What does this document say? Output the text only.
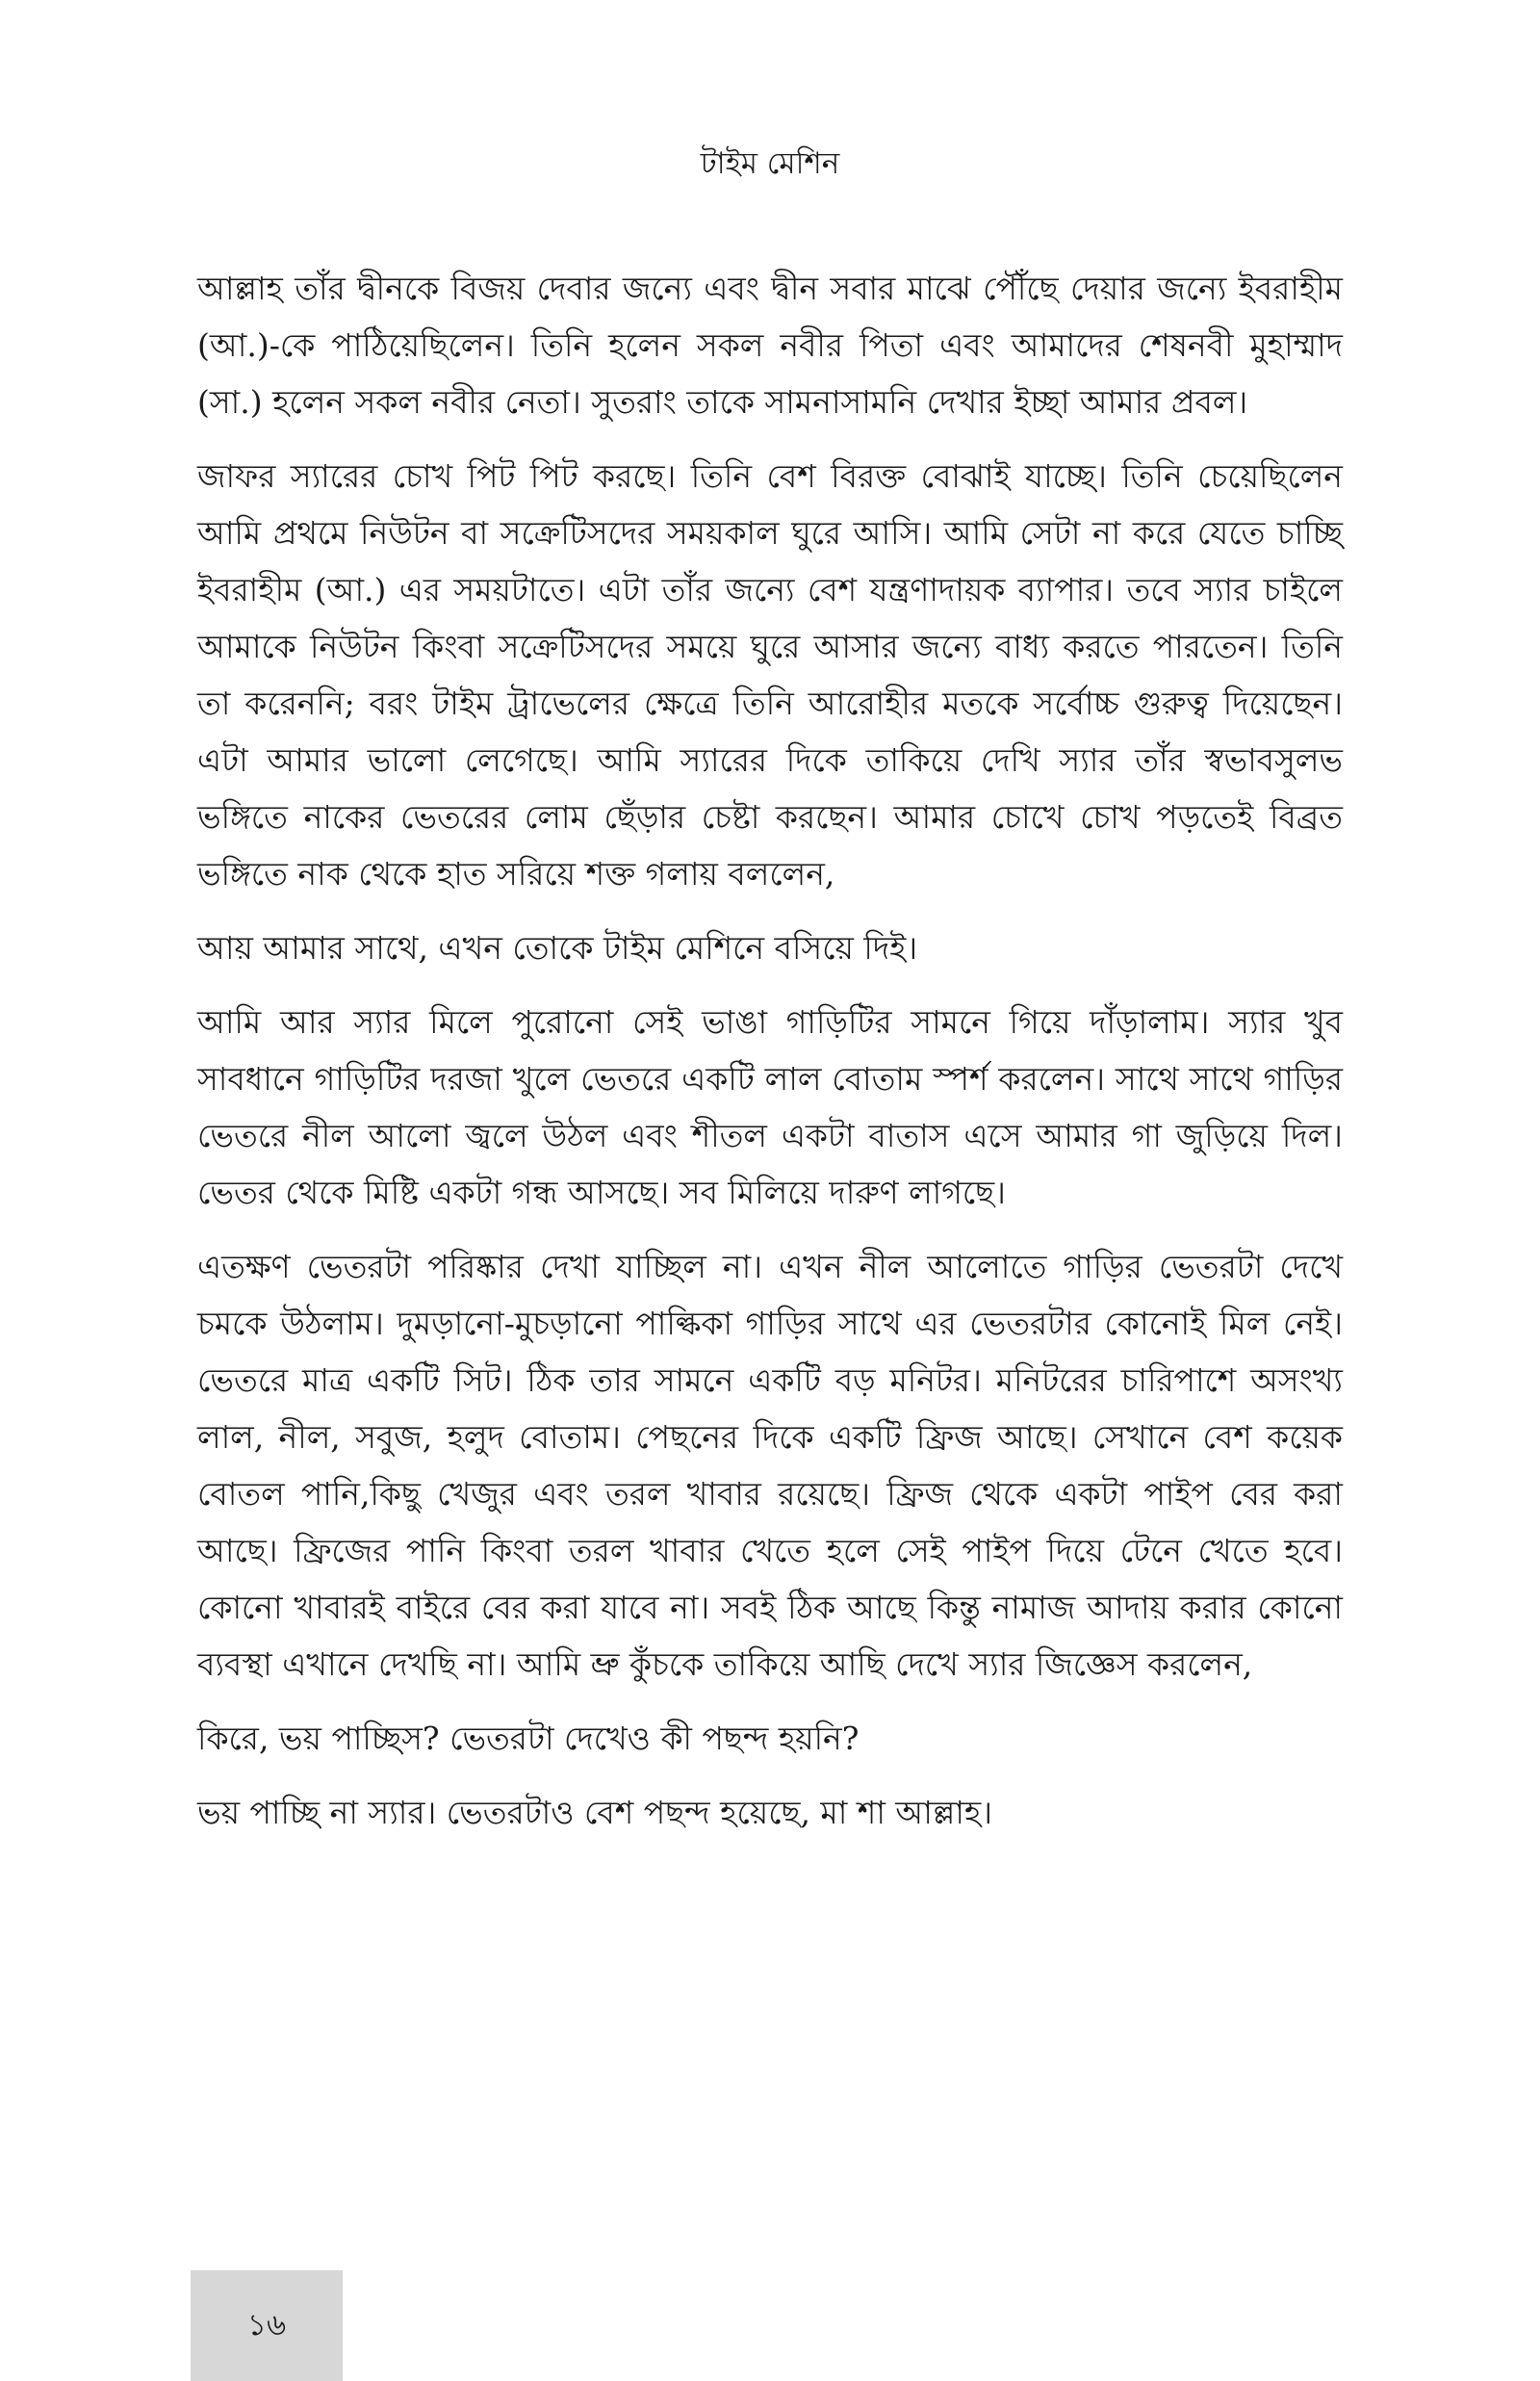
টাইম মেশিন

আল্লাহ তাঁর দ্বীনকে বিজয় দেবার জন্যে এবং দ্বীন সবার মাঝে পৌঁছে দেয়ার জন্যে ইবরাহীম (আ.)-কে পাঠিয়েছিলেন। তিনি হলেন সকল নবীর পিতা এবং আমাদের শেষনবী মুহাম্মাদ (সা.) হলেন সকল নবীর নেতা। সুতরাং তাকে সামনাসামনি দেখার ইচ্ছা আমার প্রবল।

জাফর স্যারের চোখ পিট পিট করছে। তিনি বেশ বিরক্ত বোঝাই যাচ্ছে। তিনি চেয়েছিলেন আমি প্রথমে নিউটন বা সক্রেটিসদের সময়কাল ঘুরে আসি। আমি সেটা না করে যেতে চাচ্ছি ইবরাহীম (আ.) এর সময়টাতে। এটা তাঁর জন্যে বেশ যন্ত্রণাদায়ক ব্যাপার। তবে স্যার চাইলে আমাকে নিউটন কিংবা সক্রেটিসদের সময়ে ঘুরে আসার জন্যে বাধ্য করতে পারতেন। তিনি তা করেননি; বরং টাইম ট্রাভেলের ক্ষেত্রে তিনি আরোহীর মতকে সর্বোচ্চ গুরুত্ব দিয়েছেন। এটা আমার ভালো লেগেছে। আমি স্যারের দিকে তাকিয়ে দেখি স্যার তাঁর স্বভাবসুলভ ভঙ্গিতে নাকের ভেতরের লোম ছেঁড়ার চেষ্টা করছেন। আমার চোখে চোখ পড়তেই বিব্রত ভঙ্গিতে নাক থেকে হাত সরিয়ে শক্ত গলায় বললেন,

আয় আমার সাথে, এখন তোকে টাইম মেশিনে বসিয়ে দিই।

আমি আর স্যার মিলে পুরোনো সেই ভাঙা গাড়িটির সামনে গিয়ে দাঁড়ালাম। স্যার খুব সাবধানে গাড়িটির দরজা খুলে ভেতরে একটি লাল বোতাম স্পর্শ করলেন। সাথে সাথে গাড়ির ভেতরে নীল আলো জ্বলে উঠল এবং শীতল একটা বাতাস এসে আমার গা জুড়িয়ে দিল। ভেতর থেকে মিষ্টি একটা গন্ধ আসছে। সব মিলিয়ে দারুণ লাগছে।

এতক্ষণ ভেতরটা পরিষ্কার দেখা যাচ্ছিল না। এখন নীল আলোতে গাড়ির ভেতরটা দেখে চমকে উঠলাম। দুমড়ানো-মুচড়ানো পাল্কিকা গাড়ির সাথে এর ভেতরটার কোনোই মিল নেই। ভেতরে মাত্র একটি সিট। ঠিক তার সামনে একটি বড় মনিটর। মনিটরের চারিপাশে অসংখ্য লাল, নীল, সবুজ, হলুদ বোতাম। পেছনের দিকে একটি ফ্রিজ আছে। সেখানে বেশ কয়েক বোতল পানি,কিছু খেজুর এবং তরল খাবার রয়েছে। ফ্রিজ থেকে একটা পাইপ বের করা আছে। ফ্রিজের পানি কিংবা তরল খাবার খেতে হলে সেই পাইপ দিয়ে টেনে খেতে হবে। কোনো খাবারই বাইরে বের করা যাবে না। সবই ঠিক আছে কিন্তু নামাজ আদায় করার কোনো ব্যবস্থা এখানে দেখছি না। আমি ভ্রু কুঁচকে তাকিয়ে আছি দেখে স্যার জিজ্ঞেস করলেন,

কিরে, ভয় পাচ্ছিস? ভেতরটা দেখেও কী পছন্দ হয়নি?

ভয় পাচ্ছি না স্যার। ভেতরটাও বেশ পছন্দ হয়েছে, মা শা আল্লাহ।

১৬
